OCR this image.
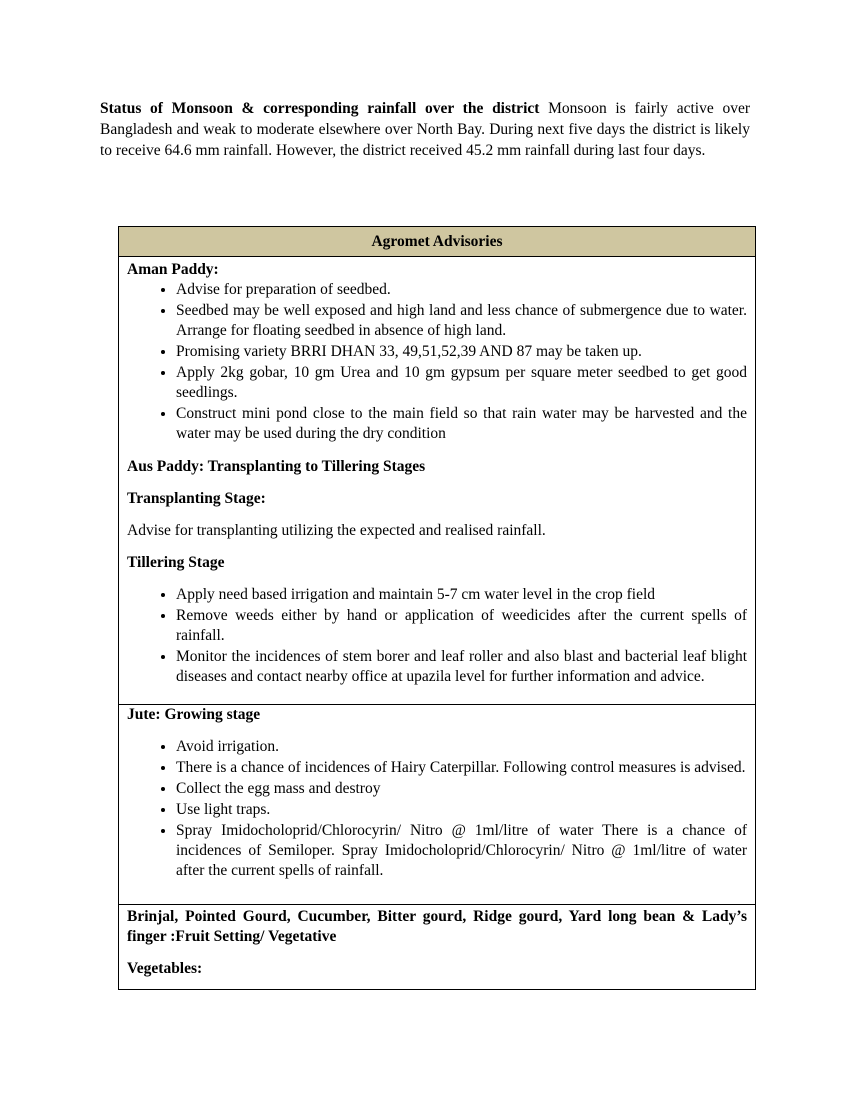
Status of Monsoon & corresponding rainfall over the district Monsoon is fairly active over Bangladesh and weak to moderate elsewhere over North Bay. During next five days the district is likely to receive 64.6 mm rainfall. However, the district received 45.2 mm rainfall during last four days.

Agromet Advisories

Aman Paddy:

• Advise for preparation of seedbed.
• Seedbed may be well exposed and high land and less chance of submergence due to water. Arrange for floating seedbed in absence of high land.
• Promising variety BRRI DHAN 33, 49,51,52,39 AND 87 may be taken up.
• Apply 2kg gobar, 10 gm Urea and 10 gm gypsum per square meter seedbed to get good seedlings.
• Construct mini pond close to the main field so that rain water may be harvested and the water may be used during the dry condition

Aus Paddy: Transplanting to Tillering Stages

Transplanting Stage:

Advise for transplanting utilizing the expected and realised rainfall.

Tillering Stage

• Apply need based irrigation and maintain 5-7 cm water level in the crop field
• Remove weeds either by hand or application of weedicides after the current spells of rainfall.
• Monitor the incidences of stem borer and leaf roller and also blast and bacterial leaf blight diseases and contact nearby office at upazila level for further information and advice.

Jute: Growing stage

• Avoid irrigation.
• There is a chance of incidences of Hairy Caterpillar. Following control measures is advised.
• Collect the egg mass and destroy
• Use light traps.
• Spray Imidocholoprid/Chlorocyrin/ Nitro @ 1ml/litre of water There is a chance of incidences of Semiloper. Spray Imidocholoprid/Chlorocyrin/ Nitro @ 1ml/litre of water after the current spells of rainfall.

Brinjal, Pointed Gourd, Cucumber, Bitter gourd, Ridge gourd, Yard long bean & Lady’s finger :Fruit Setting/ Vegetative

Vegetables:
